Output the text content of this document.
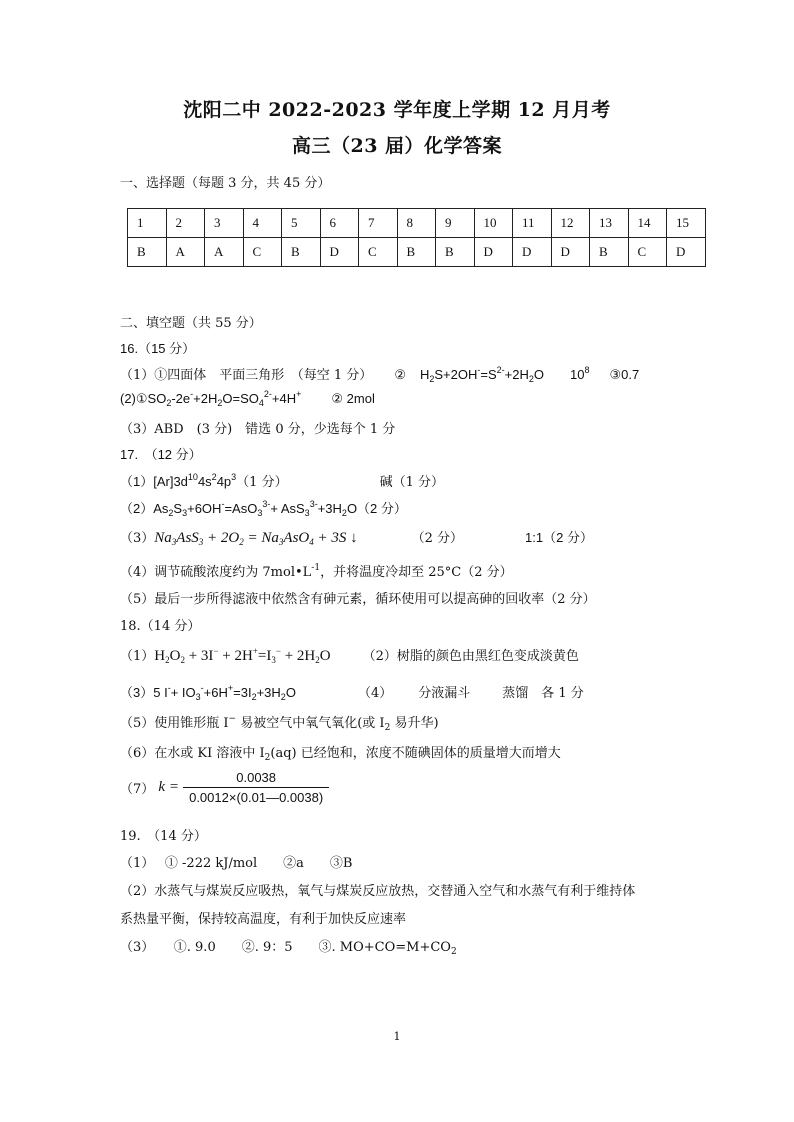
沈阳二中 2022-2023 学年度上学期 12 月月考
高三（23 届）化学答案
一、选择题（每题 3 分，共 45 分）
1	2	3	4	5	6	7	8	9	10	11	12	13	14	15
B	A	A	C	B	D	C	B	B	D	D	D	B	C	D
二、填空题（共 55 分）
16.（15 分）
（1）①四面体　平面三角形　（每空 1 分） ② $H_2S+2OH^-=S^{2-}+2H_2O$ $10^8$ ③0.7
$(2)①SO_2-2e^-+2H_2O=SO_4^{2-}+4H^+$ ② 2mol
（3）ABD　(3 分)　错选 0 分，少选每个 1 分
17.　（12 分）
$(1)[Ar]3d^{10}4s^24p^3(1$ 分）	碱（1 分）
$(2)As_2S_3+6OH^-=AsO_3^{3-}+ AsS_3^{3-}+3H_2O(2$ 分）
$(3)Na_3AsS_3 + 2O_2 = Na_3AsO_4 + 3S$ ↓	（2 分）	1:1（2 分）
（4）调节硫酸浓度约为 $7mol•L^{-1}$，并将温度冷却至 25°C（2 分）
（5）最后一步所得滤液中依然含有砷元素，循环使用可以提高砷的回收率（2 分）
18.（14 分）
$(1)H_2O_2 + 3I^- + 2H^+=I_3^- + 2H_2O$ （2）树脂的颜色由黑红色变成淡黄色
（3）5 $I^-+ IO_3^-+6H^+=3I_2+3H_2O$	（4） 分液漏斗 蒸馏　各 1 分
（5）使用锥形瓶 I− 易被空气中氧气氧化(或 $I_2$ 易升华)
（6）在水或 KI 溶液中 $I_2(aq)$ 已经饱和，浓度不随碘固体的质量增大而增大
（7） $k = \frac{0.0038}{0.0012\times(0.01—0.0038)}$
19.　（14 分）
（1）　 ① -222 kJ/mol　　②a　　③B
（2）水蒸气与煤炭反应吸热，氧气与煤炭反应放热，交替通入空气和水蒸气有利于维持体
系热量平衡，保持较高温度，有利于加快反应速率
（3）　　①. 9.0　　②. 9：5　　③. $MO+CO=M+CO_2$
1
